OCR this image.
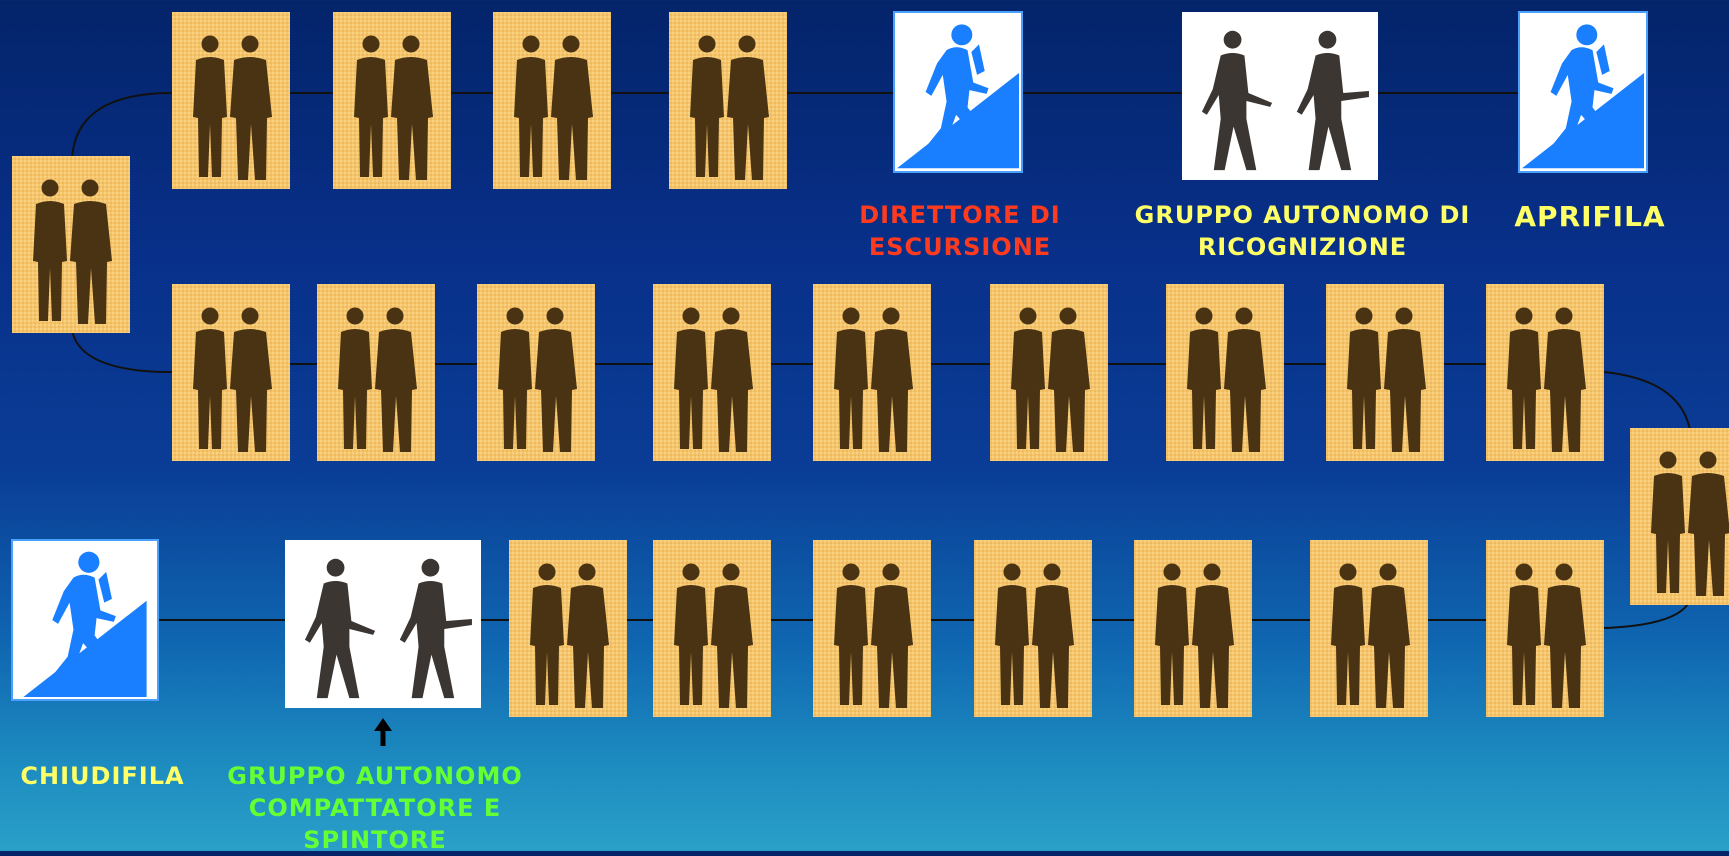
DIRETTORE DI
ESCURSIONE
GRUPPO AUTONOMO DI
RICOGNIZIONE
APRIFILA
CHIUDIFILA	GRUPPO AUTONOMO
COMPATTATORE E
SPINTORE
